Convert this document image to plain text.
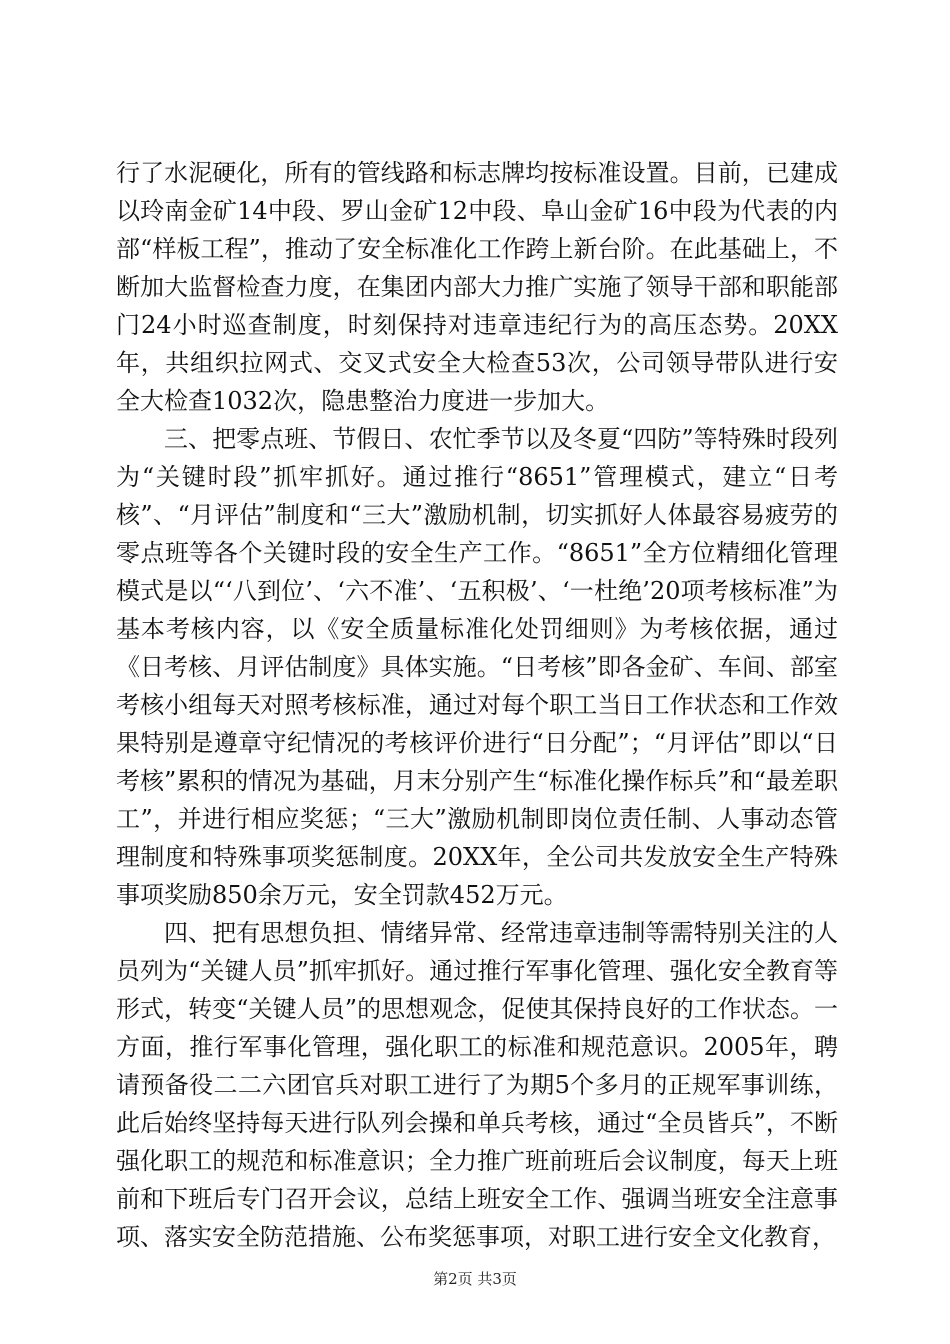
行了水泥硬化，所有的管线路和标志牌均按标准设置。目前，已建成以玲南金矿14中段、罗山金矿12中段、阜山金矿16中段为代表的内部“样板工程”，推动了安全标准化工作跨上新台阶。在此基础上，不断加大监督检查力度，在集团内部大力推广实施了领导干部和职能部门24小时巡查制度，时刻保持对违章违纪行为的高压态势。20XX年，共组织拉网式、交叉式安全大检查53次，公司领导带队进行安全大检查1032次，隐患整治力度进一步加大。

三、把零点班、节假日、农忙季节以及冬夏“四防”等特殊时段列为“关键时段”抓牢抓好。通过推行“8651”管理模式，建立“日考核”、“月评估”制度和“三大”激励机制，切实抓好人体最容易疲劳的零点班等各个关键时段的安全生产工作。“8651”全方位精细化管理模式是以“‘八到位’、‘六不准’、‘五积极’、‘一杜绝’20项考核标准”为基本考核内容，以《安全质量标准化处罚细则》为考核依据，通过《日考核、月评估制度》具体实施。“日考核”即各金矿、车间、部室考核小组每天对照考核标准，通过对每个职工当日工作状态和工作效果特别是遵章守纪情况的考核评价进行“日分配”；“月评估”即以“日考核”累积的情况为基础，月末分别产生“标准化操作标兵”和“最差职工”，并进行相应奖惩；“三大”激励机制即岗位责任制、人事动态管理制度和特殊事项奖惩制度。20XX年，全公司共发放安全生产特殊事项奖励850余万元，安全罚款452万元。

四、把有思想负担、情绪异常、经常违章违制等需特别关注的人员列为“关键人员”抓牢抓好。通过推行军事化管理、强化安全教育等形式，转变“关键人员”的思想观念，促使其保持良好的工作状态。一方面，推行军事化管理，强化职工的标准和规范意识。2005年，聘请预备役二二六团官兵对职工进行了为期5个多月的正规军事训练，此后始终坚持每天进行队列会操和单兵考核，通过“全员皆兵”，不断强化职工的规范和标准意识；全力推广班前班后会议制度，每天上班前和下班后专门召开会议，总结上班安全工作、强调当班安全注意事项、落实安全防范措施、公布奖惩事项，对职工进行安全文化教育，

第2页 共3页
